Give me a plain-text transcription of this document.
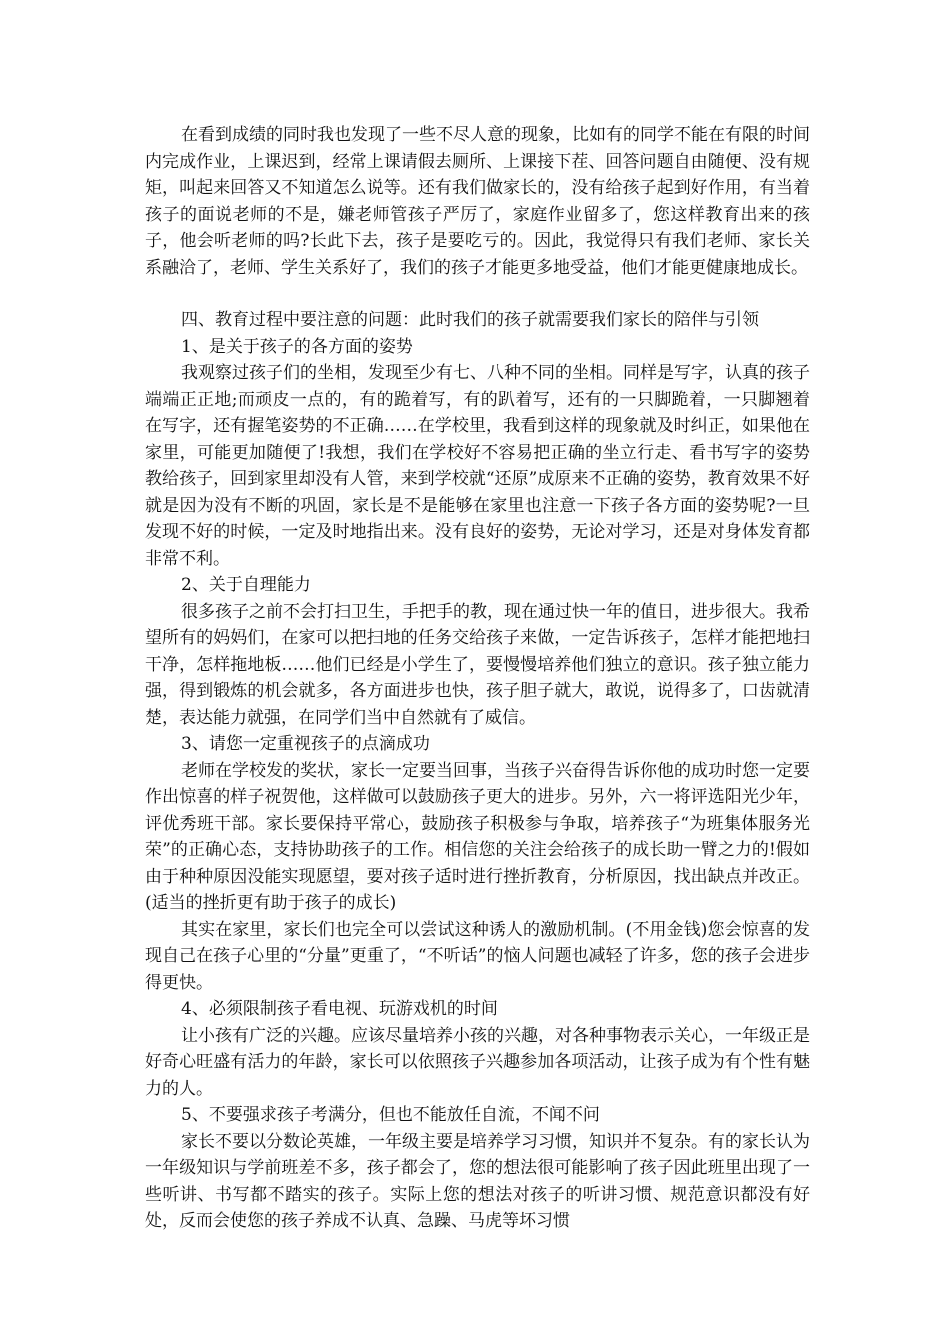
在看到成绩的同时我也发现了一些不尽人意的现象，比如有的同学不能在有限的时间内完成作业，上课迟到，经常上课请假去厕所、上课接下茬、回答问题自由随便、没有规矩，叫起来回答又不知道怎么说等。还有我们做家长的，没有给孩子起到好作用，有当着孩子的面说老师的不是，嫌老师管孩子严厉了，家庭作业留多了，您这样教育出来的孩子，他会听老师的吗?长此下去，孩子是要吃亏的。因此，我觉得只有我们老师、家长关系融洽了，老师、学生关系好了，我们的孩子才能更多地受益，他们才能更健康地成长。

四、教育过程中要注意的问题：此时我们的孩子就需要我们家长的陪伴与引领

1、是关于孩子的各方面的姿势

我观察过孩子们的坐相，发现至少有七、八种不同的坐相。同样是写字，认真的孩子端端正正地;而顽皮一点的，有的跪着写，有的趴着写，还有的一只脚跪着，一只脚翘着在写字，还有握笔姿势的不正确……在学校里，我看到这样的现象就及时纠正，如果他在家里，可能更加随便了!我想，我们在学校好不容易把正确的坐立行走、看书写字的姿势教给孩子，回到家里却没有人管，来到学校就“还原”成原来不正确的姿势，教育效果不好就是因为没有不断的巩固，家长是不是能够在家里也注意一下孩子各方面的姿势呢?一旦发现不好的时候，一定及时地指出来。没有良好的姿势，无论对学习，还是对身体发育都非常不利。

2、关于自理能力

很多孩子之前不会打扫卫生，手把手的教，现在通过快一年的值日，进步很大。我希望所有的妈妈们，在家可以把扫地的任务交给孩子来做，一定告诉孩子，怎样才能把地扫干净，怎样拖地板……他们已经是小学生了，要慢慢培养他们独立的意识。孩子独立能力强，得到锻炼的机会就多，各方面进步也快，孩子胆子就大，敢说，说得多了，口齿就清楚，表达能力就强，在同学们当中自然就有了威信。

3、请您一定重视孩子的点滴成功

老师在学校发的奖状，家长一定要当回事，当孩子兴奋得告诉你他的成功时您一定要作出惊喜的样子祝贺他，这样做可以鼓励孩子更大的进步。另外，六一将评选阳光少年，评优秀班干部。家长要保持平常心，鼓励孩子积极参与争取，培养孩子“为班集体服务光荣”的正确心态，支持协助孩子的工作。相信您的关注会给孩子的成长助一臂之力的!假如由于种种原因没能实现愿望，要对孩子适时进行挫折教育，分析原因，找出缺点并改正。(适当的挫折更有助于孩子的成长)

其实在家里，家长们也完全可以尝试这种诱人的激励机制。(不用金钱)您会惊喜的发现自己在孩子心里的“分量”更重了，“不听话”的恼人问题也减轻了许多，您的孩子会进步得更快。

4、必须限制孩子看电视、玩游戏机的时间

让小孩有广泛的兴趣。应该尽量培养小孩的兴趣，对各种事物表示关心，一年级正是好奇心旺盛有活力的年龄，家长可以依照孩子兴趣参加各项活动，让孩子成为有个性有魅力的人。

5、不要强求孩子考满分，但也不能放任自流，不闻不问

家长不要以分数论英雄，一年级主要是培养学习习惯，知识并不复杂。有的家长认为一年级知识与学前班差不多，孩子都会了，您的想法很可能影响了孩子因此班里出现了一些听讲、书写都不踏实的孩子。实际上您的想法对孩子的听讲习惯、规范意识都没有好处，反而会使您的孩子养成不认真、急躁、马虎等坏习惯
